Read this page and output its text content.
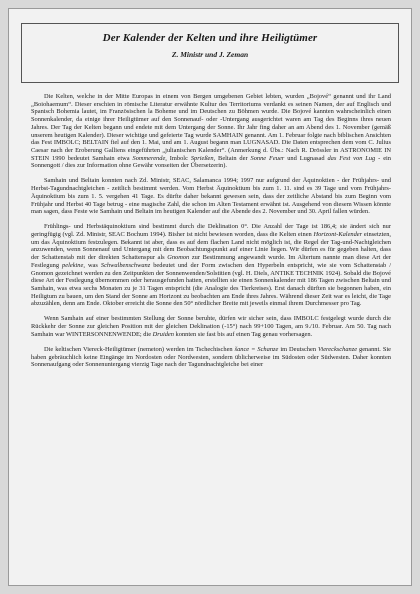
Der Kalender der Kelten und ihre Heiligtümer
Z. Ministr und J. Zeman

Die Kelten, welche in der Mitte Europas in einem von Bergen umgebenen Gebiet lebten, wurden „Bojové“ genannt und ihr Land „Boiohaemum“. Dieser erschien in römische Literatur erwähnte Kultur des Territoriums verdankt es seinen Namen, der auf Englisch und Spanisch Bohemia lautet, im Französischen la Boheme und im Deutschen zu Böhmen wurde. Die Bojové kannten wahrscheinlich einen Sonnenkalender, da einige ihrer Heiligtümer auf den Sonnenauf- oder -Untergang ausgerichtet waren am Tag des Beginns ihres neuen Jahres. Der Tag der Kelten begann und endete mit dem Untergang der Sonne. Ihr Jahr fing daher an am Abend des 1. November (gemäß unserem heutigen Kalender). Dieser wichtige und gefeierte Tag wurde SAMHAIN genannt. Am 1. Februar folgte nach biblischen Ansichten das Fest IMBOLC; BELTAIN fiel auf den 1. Mai, und am 1. August begann man LUGNASAD. Die Daten entsprechen dem vom C. Julius Caesar nach der Eroberung Galliens eingeführten „julianischen Kalender“. (Anmerkung d. Übs.: Nach R. Drössler in ASTRONOMIE IN STEIN 1990 bedeutet Samhain etwa Sommerende, Imbolc Sprießen, Beltain der Sonne Feuer und Lugnasad das Fest von Lug - ein Sonnengott / dies zur Information ohne Gewähr vonseiten der Übersetzerin).

Samhain und Beltain konnten nach Zd. Ministr, SEAC, Salamanca 1994; 1997 nur aufgrund der Äquinoktien - der Frühjahrs- und Herbst-Tagundnachtgleichen - zeitlich bestimmt werden. Vom Herbst Äquinoktium bis zum 1. 11. sind es 39 Tage und vom Frühjahrs-Äquinoktium bis zum 1. 5. vergehen 41 Tage. Es dürfte daher bekannt gewesen sein, dass der zeitliche Abstand bis zum Beginn vom Frühjahr und Herbst 40 Tage betrug - eine magische Zahl, die schon im Alten Testament erwähnt ist. Ausgehend von diesem Wissen könnte man sagen, dass Feste wie Samhain und Beltain im heutigen Kalender auf die Abende des 2. November und 30. April fallen würden.

Frühlings- und Herbstäquinoktium sind bestimmt durch die Deklination 0°. Die Anzahl der Tage ist 186,4; sie ändert sich nur geringfügig (vgl. Zd. Ministr, SEAC Bochum 1994). Bisher ist nicht bewiesen worden, dass die Kelten einen Horizont-Kalender einsetzten, um das Äquinoktium festzulegen. Bekannt ist aber, dass es auf dem flachen Land nicht möglich ist, die Regel der Tag-und-Nachtgleichen anzuwenden, wenn Sonnenauf und Untergang mit dem Beobachtungspunkt auf einer Linie liegen. Wir dürfen es für gegeben halten, dass der Schattenstab mit der direkten Schattenspur als Gnomon zur Bestimmung angewandt wurde. Im Altertum nannte man diese Art der Festlegung pelekine, was Schwalbenschwanz bedeutet und der Form zwischen den Hyperbeln entspricht, wie sie vom Schattenstab / Gnomon gezeichnet werden zu den Zeitpunkten der Sonnenwenden/Solstitien (vgl. H. Diels, ANTIKE TECHNIK 1924). Sobald die Bojové diese Art der Festlegung übernommen oder herausgefunden hatten, erstellten sie einen Sonnenkalender mit 186 Tagen zwischen Beltain und Samhain, was etwa sechs Monaten zu je 31 Tagen entspricht (die Analogie des Tierkreises). Erst danach dürften sie begonnen haben, ein Heiligtum zu bauen, um den Stand der Sonne am Horizont zu beobachten am Ende ihres Jahres. Während dieser Zeit war es leicht, die Tage abzuzählen, denn am Ende. Oktober erreicht die Sonne den 50° nördlicher Breite mit jeweils einmal ihrem Durchmesser pro Tag.

Wenn Samhain auf einer bestimmten Stellung der Sonne beruhte, dürfen wir sicher sein, dass IMBOLC festgelegt wurde durch die Rückkehr der Sonne zur gleichen Position mit der gleichen Deklination (-15°) nach 99+100 Tagen, am 9./10. Februar. Am 50. Tag nach Samhain war WINTERSONNENWENDE; die Druiden konnten sie fast bis auf einen Tag genau vorhersagen.

Die keltischen Viereck-Heiligtümer (nemeton) werden im Tschechischen šance = Schanze im Deutschen Viereckschanze genannt. Sie haben gebräuchlich keine Eingänge im Nordosten oder Nordwesten, sondern üblicherweise im Südosten oder Südwesten. Daher konnten Sonnenaufgang oder Sonnenuntergang vierzig Tage nach der Tagundnachtgleiche bei einer
